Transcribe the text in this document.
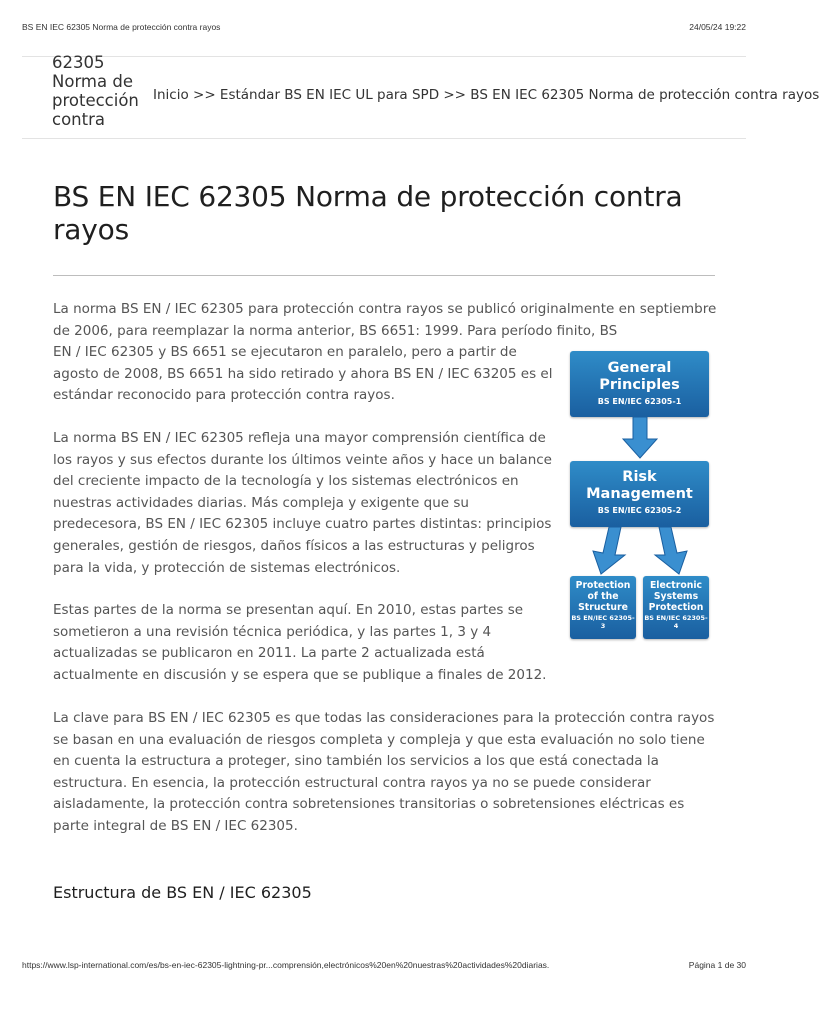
BS EN IEC 62305 Norma de protección contra rayos	24/05/24 19:22
62305 Norma de protección contra
Inicio >> Estándar BS EN IEC UL para SPD >> BS EN IEC 62305 Norma de protección contra rayos
BS EN IEC 62305 Norma de protección contra rayos

La norma BS EN / IEC 62305 para protección contra rayos se publicó originalmente en septiembre de 2006, para reemplazar la norma anterior, BS 6651: 1999. Para período finito, BS

EN / IEC 62305 y BS 6651 se ejecutaron en paralelo, pero a partir de agosto de 2008, BS 6651 ha sido retirado y ahora BS EN / IEC 63205 es el estándar reconocido para protección contra rayos.

La norma BS EN / IEC 62305 refleja una mayor comprensión científica de los rayos y sus efectos durante los últimos veinte años y hace un balance del creciente impacto de la tecnología y los sistemas electrónicos en nuestras actividades diarias. Más compleja y exigente que su predecesora, BS EN / IEC 62305 incluye cuatro partes distintas: principios generales, gestión de riesgos, daños físicos a las estructuras y peligros para la vida, y protección de sistemas electrónicos.

Estas partes de la norma se presentan aquí. En 2010, estas partes se sometieron a una revisión técnica periódica, y las partes 1, 3 y 4 actualizadas se publicaron en 2011. La parte 2 actualizada está actualmente en discusión y se espera que se publique a finales de 2012.

La clave para BS EN / IEC 62305 es que todas las consideraciones para la protección contra rayos se basan en una evaluación de riesgos completa y compleja y que esta evaluación no solo tiene en cuenta la estructura a proteger, sino también los servicios a los que está conectada la estructura. En esencia, la protección estructural contra rayos ya no se puede considerar aisladamente, la protección contra sobretensiones transitorias o sobretensiones eléctricas es parte integral de BS EN / IEC 62305.

Estructura de BS EN / IEC 62305
General Principles
BS EN/IEC 62305-1
Risk Management
BS EN/IEC 62305-2
Protection of the Structure
BS EN/IEC 62305-3
Electronic Systems Protection
BS EN/IEC 62305-4
https://www.lsp-international.com/es/bs-en-iec-62305-lightning-pr...comprensión,electrónicos%20en%20nuestras%20actividades%20diarias.	Página 1 de 30
